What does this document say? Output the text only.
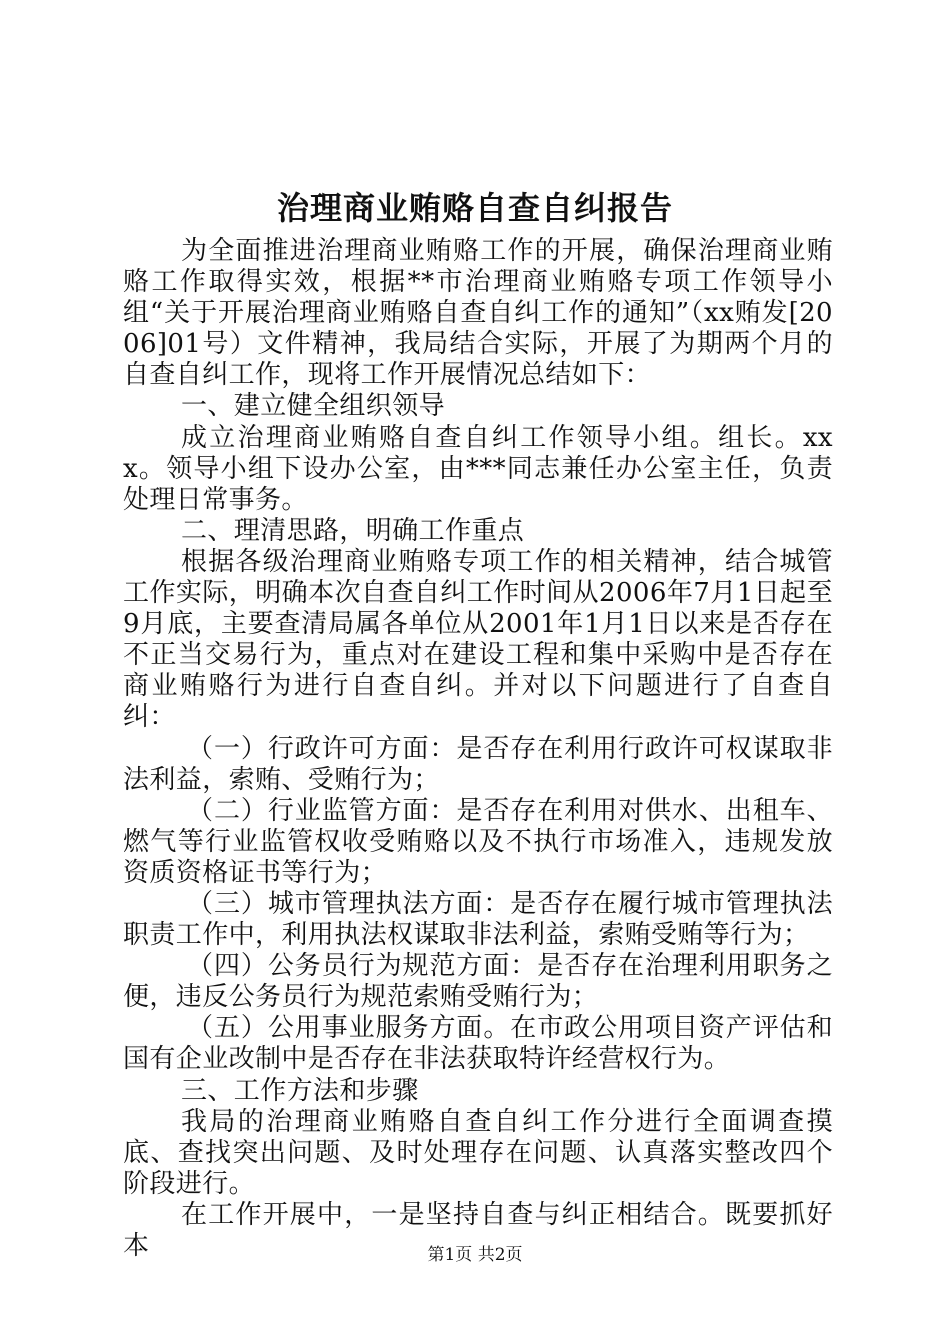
治理商业贿赂自查自纠报告

为全面推进治理商业贿赂工作的开展，确保治理商业贿赂工作取得实效，根据**市治理商业贿赂专项工作领导小组“关于开展治理商业贿赂自查自纠工作的通知”（xx贿发[2006]01号）文件精神，我局结合实际，开展了为期两个月的自查自纠工作，现将工作开展情况总结如下：

一、建立健全组织领导

成立治理商业贿赂自查自纠工作领导小组。组长。xxx。领导小组下设办公室，由***同志兼任办公室主任，负责处理日常事务。

二、理清思路，明确工作重点

根据各级治理商业贿赂专项工作的相关精神，结合城管工作实际，明确本次自查自纠工作时间从2006年7月1日起至9月底，主要查清局属各单位从2001年1月1日以来是否存在不正当交易行为，重点对在建设工程和集中采购中是否存在商业贿赂行为进行自查自纠。并对以下问题进行了自查自纠：

（一）行政许可方面：是否存在利用行政许可权谋取非法利益，索贿、受贿行为；

（二）行业监管方面：是否存在利用对供水、出租车、燃气等行业监管权收受贿赂以及不执行市场准入，违规发放资质资格证书等行为；

（三）城市管理执法方面：是否存在履行城市管理执法职责工作中，利用执法权谋取非法利益，索贿受贿等行为；

（四）公务员行为规范方面：是否存在治理利用职务之便，违反公务员行为规范索贿受贿行为；

（五）公用事业服务方面。在市政公用项目资产评估和国有企业改制中是否存在非法获取特许经营权行为。

三、工作方法和步骤

我局的治理商业贿赂自查自纠工作分进行全面调查摸底、查找突出问题、及时处理存在问题、认真落实整改四个阶段进行。

在工作开展中，一是坚持自查与纠正相结合。既要抓好本	第1页 共2页
